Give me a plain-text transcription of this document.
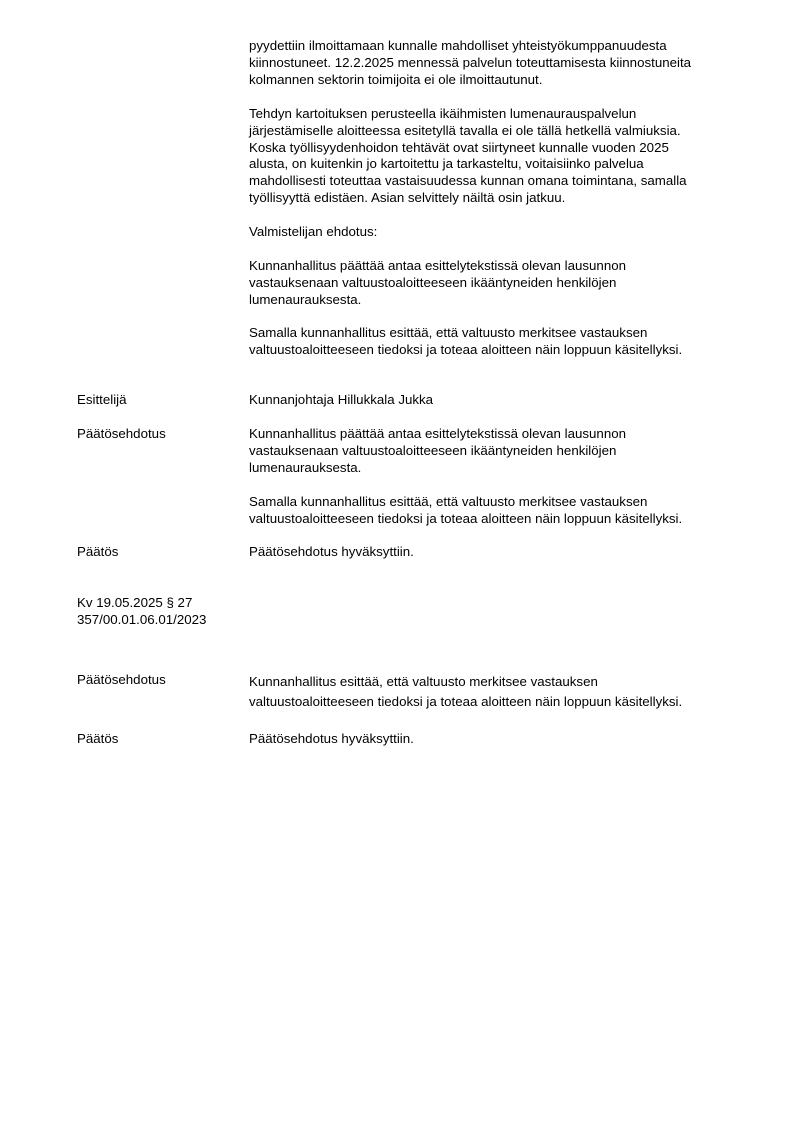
pyydettiin ilmoittamaan kunnalle mahdolliset yhteistyökumppanuudesta
kiinnostuneet. 12.2.2025 mennessä palvelun toteuttamisesta kiinnostuneita
kolmannen sektorin toimijoita ei ole ilmoittautunut.
Tehdyn kartoituksen perusteella ikäihmisten lumenaurauspalvelun
järjestämiselle aloitteessa esitetyllä tavalla ei ole tällä hetkellä valmiuksia.
Koska työllisyydenhoidon tehtävät ovat siirtyneet kunnalle vuoden 2025
alusta, on kuitenkin jo kartoitettu ja tarkasteltu, voitaisiinko palvelua
mahdollisesti toteuttaa vastaisuudessa kunnan omana toimintana, samalla
työllisyyttä edistäen. Asian selvittely näiltä osin jatkuu.
Valmistelijan ehdotus:
Kunnanhallitus päättää antaa esittelytekstissä olevan lausunnon
vastauksenaan valtuustoaloitteeseen ikääntyneiden henkilöjen
lumenaurauksesta.
Samalla kunnanhallitus esittää, että valtuusto merkitsee vastauksen
valtuustoaloitteeseen tiedoksi ja toteaa aloitteen näin loppuun käsitellyksi.
Esittelijä	Kunnanjohtaja Hillukkala Jukka
Päätösehdotus	Kunnanhallitus päättää antaa esittelytekstissä olevan lausunnon
vastauksenaan valtuustoaloitteeseen ikääntyneiden henkilöjen
lumenaurauksesta.
Samalla kunnanhallitus esittää, että valtuusto merkitsee vastauksen
valtuustoaloitteeseen tiedoksi ja toteaa aloitteen näin loppuun käsitellyksi.
Päätös	Päätösehdotus hyväksyttiin.
Kv 19.05.2025 § 27
357/00.01.06.01/2023
Päätösehdotus	Kunnanhallitus esittää, että valtuusto merkitsee vastauksen
valtuustoaloitteeseen tiedoksi ja toteaa aloitteen näin loppuun käsitellyksi.
Päätös	Päätösehdotus hyväksyttiin.
